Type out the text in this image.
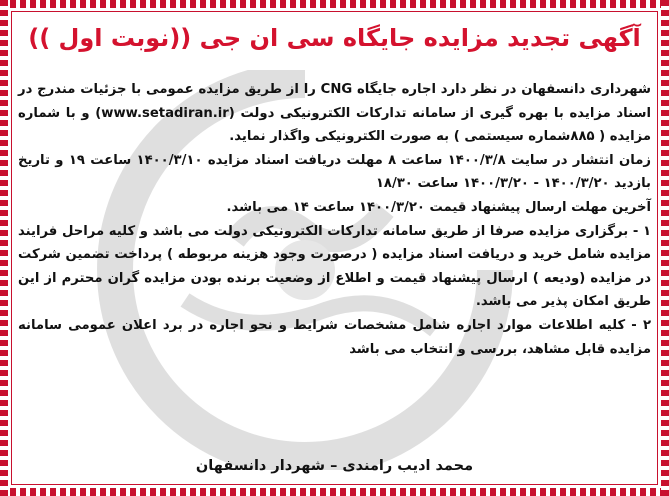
آگهی تجدید مزایده جایگاه سی ان جی ((نوبت اول ))

شهرداری دانسفهان در نظر دارد اجاره جایگاه CNG را از طریق مزایده عمومی با جزئیات مندرج در اسناد مزایده با بهره گیری از سامانه تدارکات الکترونیکی دولت (www.setadiran.ir) و با شماره مزایده ( ۸۸۵شماره سیستمی ) به صورت الکترونیکی واگذار نماید.

زمان انتشار در سایت ۱۴۰۰/۳/۸ ساعت ۸ مهلت دریافت اسناد مزایده ۱۴۰۰/۳/۱۰ ساعت ۱۹ و تاریخ بازدید ۱۴۰۰/۳/۲۰ - ۱۴۰۰/۳/۲۰ ساعت ۱۸/۳۰

آخرین مهلت ارسال پیشنهاد قیمت ۱۴۰۰/۳/۲۰ ساعت ۱۴ می باشد.

۱ - برگزاری مزایده صرفا از طریق سامانه تدارکات الکترونیکی دولت می باشد و کلیه مراحل فرایند مزایده شامل خرید و دریافت اسناد مزایده ( درصورت وجود هزینه مربوطه ) پرداخت تضمین شرکت در مزایده (ودیعه ) ارسال پیشنهاد قیمت و اطلاع از وضعیت برنده بودن مزایده گران محترم از این طریق امکان پذیر می باشد.

۲ - کلیه اطلاعات موارد اجاره شامل مشخصات شرایط و نحو اجاره در برد اعلان عمومی سامانه مزایده قابل مشاهد، بررسی و انتخاب می باشد

محمد ادیب رامندی – شهردار دانسفهان
